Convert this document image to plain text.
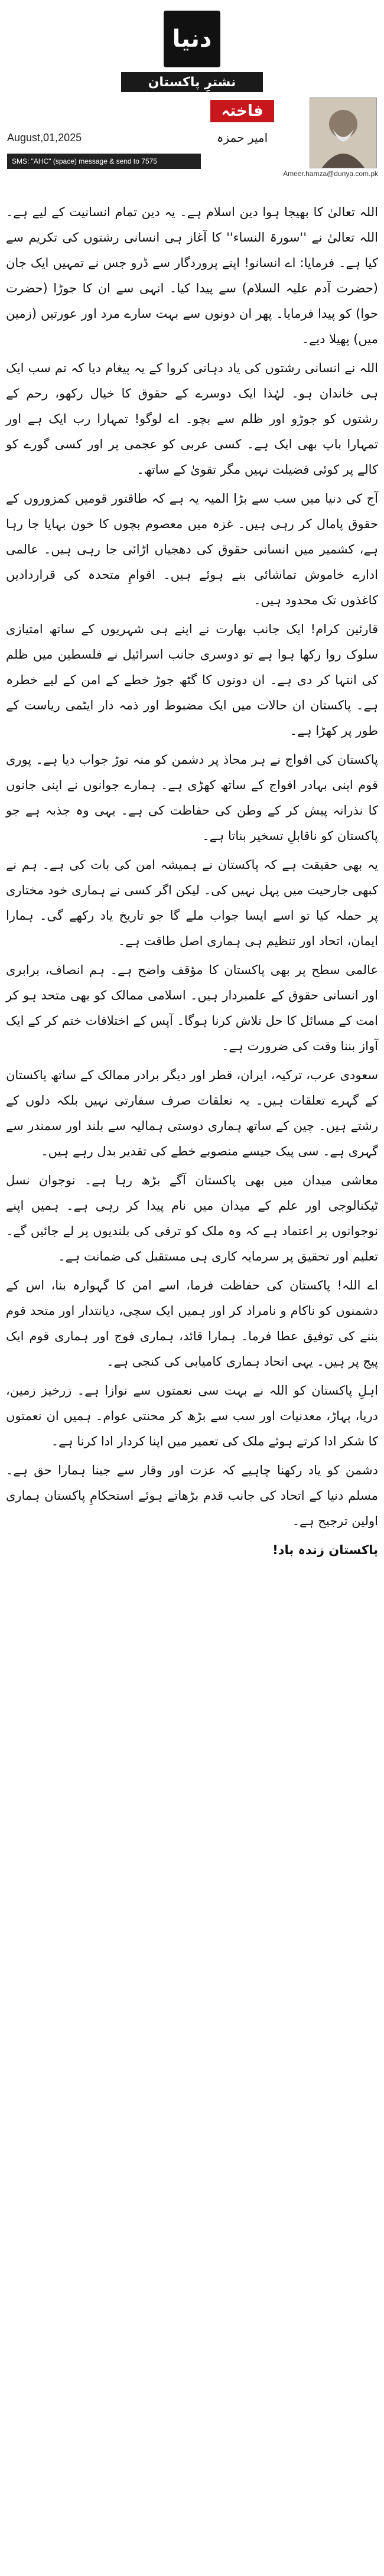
دنیا
نشترِ پاکستان
فاختہ
امیر حمزہ
August,01,2025
SMS: "AHC" (space) message & send to 7575
Ameer.hamza@dunya.com.pk

اللہ تعالیٰ کا بھیجا ہوا دین اسلام ہے۔ یہ دین تمام انسانیت کے لیے ہے۔ اللہ تعالیٰ نے ''سورۃ النساء'' کا آغاز ہی انسانی رشتوں کی تکریم سے کیا ہے۔ فرمایا: اے انسانو! اپنے پروردگار سے ڈرو جس نے تمہیں ایک جان (حضرت آدم علیہ السلام) سے پیدا کیا۔ انہی سے ان کا جوڑا (حضرت حوا) کو پیدا فرمایا۔ پھر ان دونوں سے بہت سارے مرد اور عورتیں (زمین میں) پھیلا دیے۔

اللہ نے انسانی رشتوں کی یاد دہانی کروا کے یہ پیغام دیا کہ تم سب ایک ہی خاندان ہو۔ لہٰذا ایک دوسرے کے حقوق کا خیال رکھو، رحم کے رشتوں کو جوڑو اور ظلم سے بچو۔ اے لوگو! تمہارا رب ایک ہے اور تمہارا باپ بھی ایک ہے۔ کسی عربی کو عجمی پر اور کسی گورے کو کالے پر کوئی فضیلت نہیں مگر تقویٰ کے ساتھ۔

آج کی دنیا میں سب سے بڑا المیہ یہ ہے کہ طاقتور قومیں کمزوروں کے حقوق پامال کر رہی ہیں۔ غزہ میں معصوم بچوں کا خون بہایا جا رہا ہے، کشمیر میں انسانی حقوق کی دھجیاں اڑائی جا رہی ہیں۔ عالمی ادارے خاموش تماشائی بنے ہوئے ہیں۔ اقوامِ متحدہ کی قراردادیں کاغذوں تک محدود ہیں۔

قارئین کرام! ایک جانب بھارت نے اپنے ہی شہریوں کے ساتھ امتیازی سلوک روا رکھا ہوا ہے تو دوسری جانب اسرائیل نے فلسطین میں ظلم کی انتہا کر دی ہے۔ ان دونوں کا گٹھ جوڑ خطے کے امن کے لیے خطرہ ہے۔ پاکستان ان حالات میں ایک مضبوط اور ذمہ دار ایٹمی ریاست کے طور پر کھڑا ہے۔

پاکستان کی افواج نے ہر محاذ پر دشمن کو منہ توڑ جواب دیا ہے۔ پوری قوم اپنی بہادر افواج کے ساتھ کھڑی ہے۔ ہمارے جوانوں نے اپنی جانوں کا نذرانہ پیش کر کے وطن کی حفاظت کی ہے۔ یہی وہ جذبہ ہے جو پاکستان کو ناقابلِ تسخیر بناتا ہے۔

یہ بھی حقیقت ہے کہ پاکستان نے ہمیشہ امن کی بات کی ہے۔ ہم نے کبھی جارحیت میں پہل نہیں کی۔ لیکن اگر کسی نے ہماری خود مختاری پر حملہ کیا تو اسے ایسا جواب ملے گا جو تاریخ یاد رکھے گی۔ ہمارا ایمان، اتحاد اور تنظیم ہی ہماری اصل طاقت ہے۔

عالمی سطح پر بھی پاکستان کا مؤقف واضح ہے۔ ہم انصاف، برابری اور انسانی حقوق کے علمبردار ہیں۔ اسلامی ممالک کو بھی متحد ہو کر امت کے مسائل کا حل تلاش کرنا ہوگا۔ آپس کے اختلافات ختم کر کے ایک آواز بننا وقت کی ضرورت ہے۔

سعودی عرب، ترکیہ، ایران، قطر اور دیگر برادر ممالک کے ساتھ پاکستان کے گہرے تعلقات ہیں۔ یہ تعلقات صرف سفارتی نہیں بلکہ دلوں کے رشتے ہیں۔ چین کے ساتھ ہماری دوستی ہمالیہ سے بلند اور سمندر سے گہری ہے۔ سی پیک جیسے منصوبے خطے کی تقدیر بدل رہے ہیں۔

معاشی میدان میں بھی پاکستان آگے بڑھ رہا ہے۔ نوجوان نسل ٹیکنالوجی اور علم کے میدان میں نام پیدا کر رہی ہے۔ ہمیں اپنے نوجوانوں پر اعتماد ہے کہ وہ ملک کو ترقی کی بلندیوں پر لے جائیں گے۔ تعلیم اور تحقیق پر سرمایہ کاری ہی مستقبل کی ضمانت ہے۔

اے اللہ! پاکستان کی حفاظت فرما، اسے امن کا گہوارہ بنا، اس کے دشمنوں کو ناکام و نامراد کر اور ہمیں ایک سچی، دیانتدار اور متحد قوم بننے کی توفیق عطا فرما۔ ہمارا قائد، ہماری فوج اور ہماری قوم ایک پیج پر ہیں۔ یہی اتحاد ہماری کامیابی کی کنجی ہے۔

اہلِ پاکستان کو اللہ نے بہت سی نعمتوں سے نوازا ہے۔ زرخیز زمین، دریا، پہاڑ، معدنیات اور سب سے بڑھ کر محنتی عوام۔ ہمیں ان نعمتوں کا شکر ادا کرتے ہوئے ملک کی تعمیر میں اپنا کردار ادا کرنا ہے۔

دشمن کو یاد رکھنا چاہیے کہ عزت اور وقار سے جینا ہمارا حق ہے۔ مسلم دنیا کے اتحاد کی جانب قدم بڑھاتے ہوئے استحکامِ پاکستان ہماری اولین ترجیح ہے۔

پاکستان زندہ باد!
